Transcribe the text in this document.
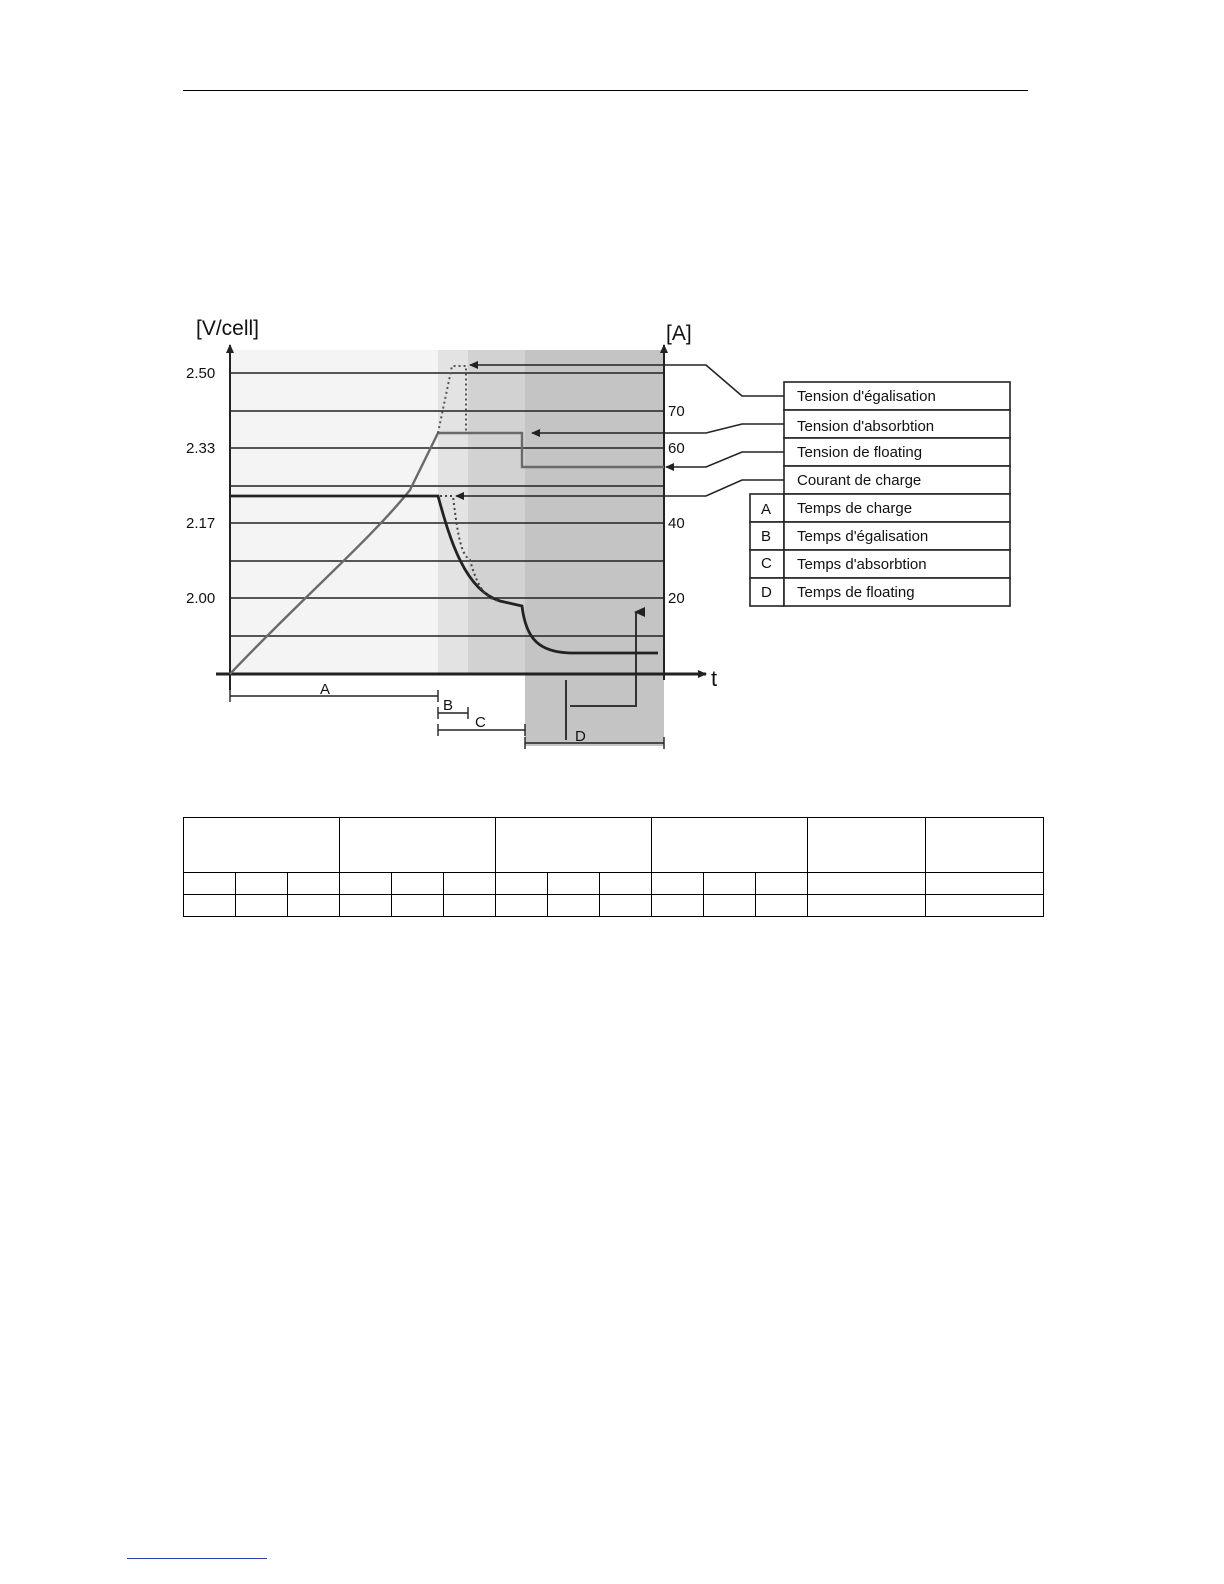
[V/cell]	[A]
t
2.50
2.33
2.17
2.00
70
60
40
20
A
B
C
D
Tension d'égalisation
Tension d'absorbtion
Tension de floating
Courant de charge
A Temps de charge
B Temps d'égalisation
C Temps d'absorbtion
D Temps de floating
